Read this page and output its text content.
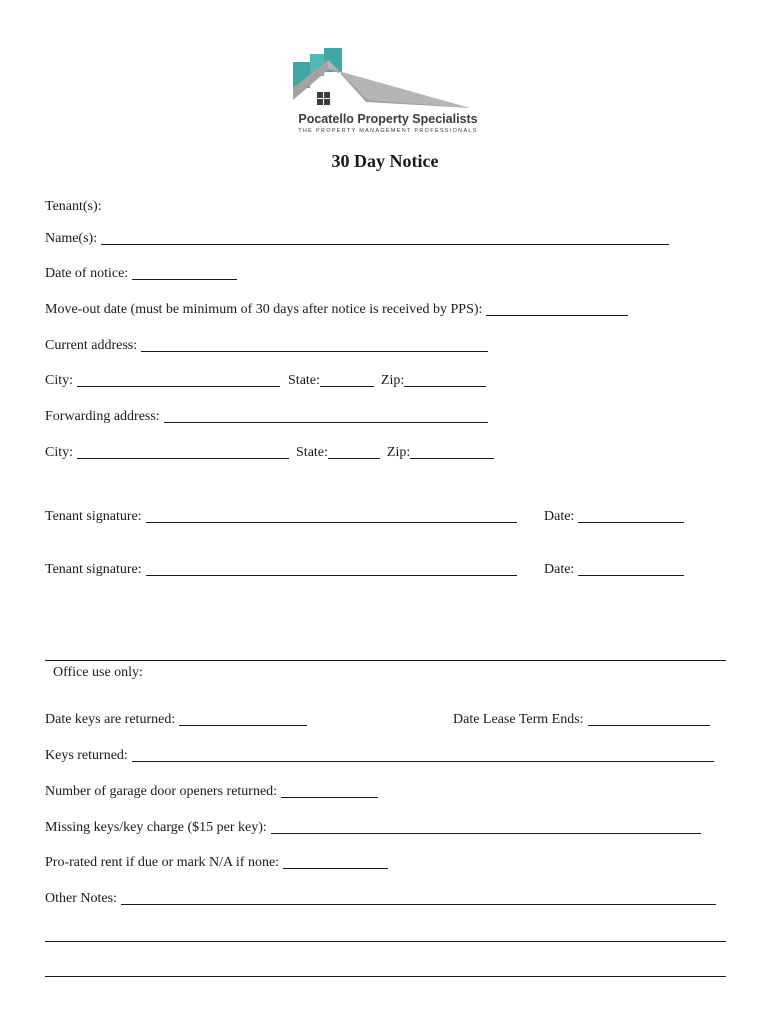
Pocatello Property Specialists
THE PROPERTY MANAGEMENT PROFESSIONALS
30 Day Notice
Tenant(s):
Name(s):
Date of notice:
Move-out date (must be minimum of 30 days after notice is received by PPS):
Current address:
City:	State:	Zip:
Forwarding address:
City:	State:	Zip:
Tenant signature:	Date:
Tenant signature:	Date:
Office use only:
Date keys are returned:	Date Lease Term Ends:
Keys returned:
Number of garage door openers returned:
Missing keys/key charge ($15 per key):
Pro-rated rent if due or mark N/A if none:
Other Notes:
